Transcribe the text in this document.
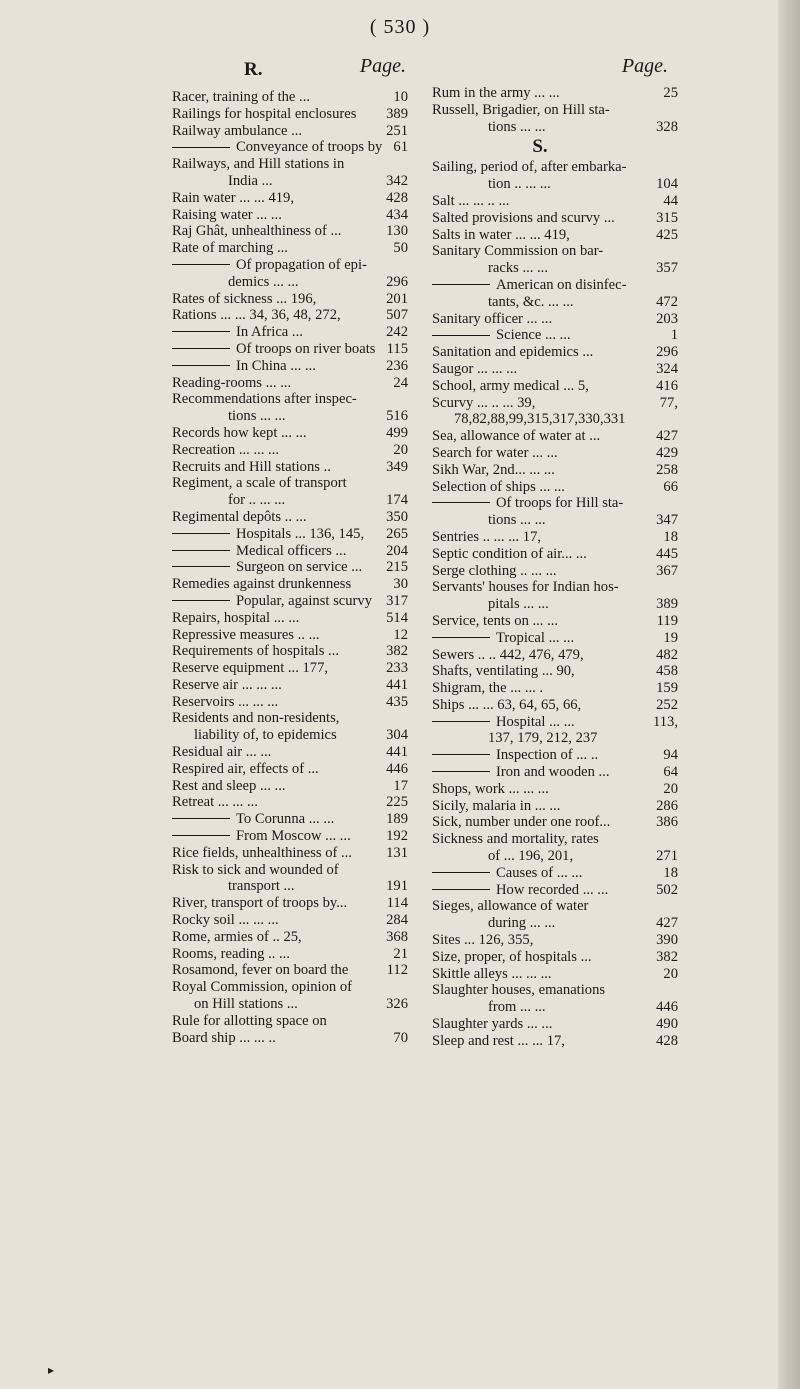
( 530 )
R.	Page.
Racer, training of the ...	10
Railings for hospital enclosures	389
Railway ambulance ...	251
Conveyance of troops by 61
Railways, and Hill stations in
India ...	342
Rain water ... ... 419,	428
Raising water ... ...	434
Raj Ghât, unhealthiness of ...	130
Rate of marching ...	50
Of propagation of epi-
demics ... ...	296
Rates of sickness ... 196,	201
Rations ... ... 34, 36, 48, 272,	507
In Africa ...	242
Of troops on river boats 115
In China ... ...	236
Reading-rooms ... ...	24
Recommendations after inspec-
tions ... ...	516
Records how kept ... ...	499
Recreation ... ... ...	20
Recruits and Hill stations ..	349
Regiment, a scale of transport
for .. ... ...	174
Regimental depôts .. ...	350
Hospitals ... 136, 145,	265
Medical officers ...	204
Surgeon on service ...	215
Remedies against drunkenness	30
Popular, against scurvy 317
Repairs, hospital ... ...	514
Repressive measures .. ...	12
Requirements of hospitals ...	382
Reserve equipment ... 177,	233
Reserve air ... ... ...	441
Reservoirs ... ... ...	435
Residents and non-residents,
liability of, to epidemics	304
Residual air ... ...	441
Respired air, effects of ...	446
Rest and sleep ... ...	17
Retreat ... ... ...	225
To Corunna ... ...	189
From Moscow ... ...	192
Rice fields, unhealthiness of ...	131
Risk to sick and wounded of
transport ...	191
River, transport of troops by...	114
Rocky soil ... ... ...	284
Rome, armies of .. 25,	368
Rooms, reading .. ...	21
Rosamond, fever on board the	112
Royal Commission, opinion of
on Hill stations ...	326
Rule for allotting space on
Board ship ... ... ..	70
Page.
Rum in the army ... ...	25
Russell, Brigadier, on Hill sta-
tions ... ...	328
S.
Sailing, period of, after embarka-
tion .. ... ...	104
Salt ... ... .. ...	44
Salted provisions and scurvy ...	315
Salts in water ... ... 419,	425
Sanitary Commission on bar-
racks ... ...	357
American on disinfec-
tants, &c. ... ...	472
Sanitary officer ... ...	203
Science ... ...	1
Sanitation and epidemics ...	296
Saugor ... ... ...	324
School, army medical ... 5,	416
Scurvy ... .. ... 39,	77,
78,82,88,99,315,317,330,331
Sea, allowance of water at ...	427
Search for water ... ...	429
Sikh War, 2nd... ... ...	258
Selection of ships ... ...	66
Of troops for Hill sta-
tions ... ...	347
Sentries .. ... ... 17,	18
Septic condition of air... ...	445
Serge clothing .. ... ...	367
Servants' houses for Indian hos-
pitals ... ...	389
Service, tents on ... ...	119
Tropical ... ...	19
Sewers .. .. 442, 476, 479,	482
Shafts, ventilating ... 90,	458
Shigram, the ... ... .	159
Ships ... ... 63, 64, 65, 66,	252
Hospital ... ...	113,
137, 179, 212, 237
Inspection of ... ..	94
Iron and wooden ...	64
Shops, work ... ... ...	20
Sicily, malaria in ... ...	286
Sick, number under one roof...	386
Sickness and mortality, rates
of ... 196, 201,	271
Causes of ... ...	18
How recorded ... ...	502
Sieges, allowance of water
during ... ...	427
Sites ... 126, 355,	390
Size, proper, of hospitals ...	382
Skittle alleys ... ... ...	20
Slaughter houses, emanations
from ... ...	446
Slaughter yards ... ...	490
Sleep and rest ... ... 17,	428
▸
